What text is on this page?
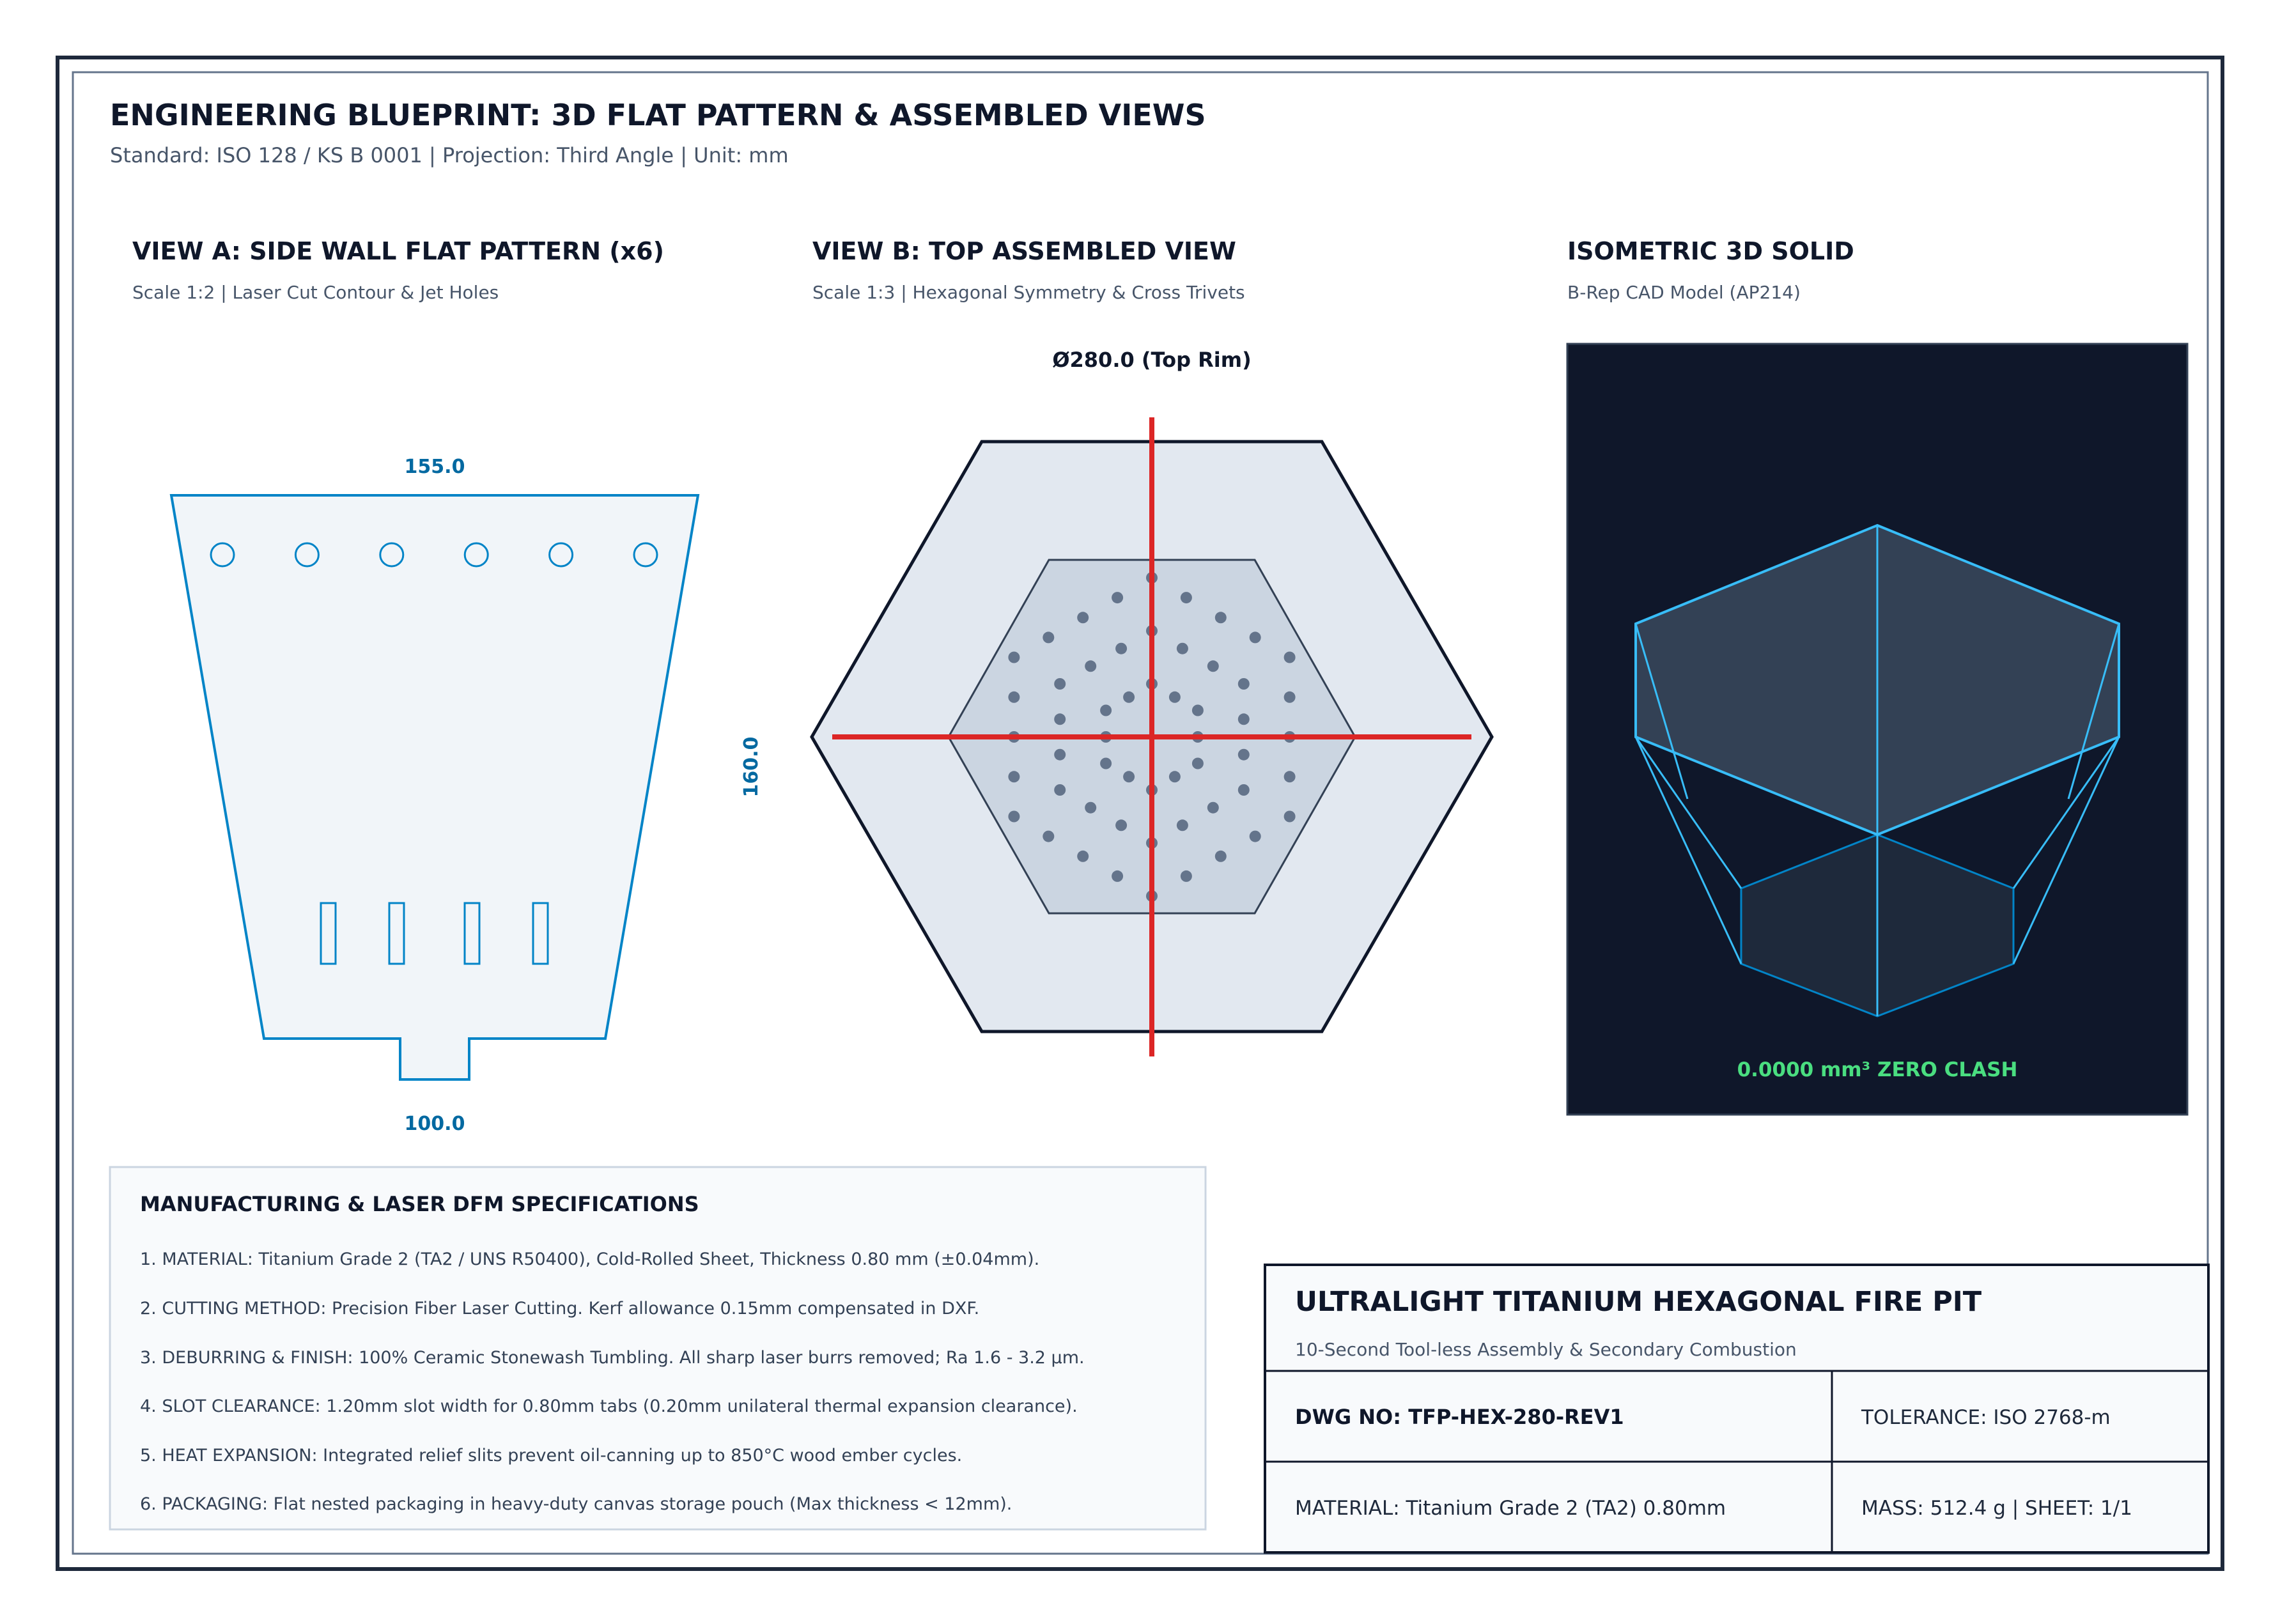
ENGINEERING BLUEPRINT: 3D FLAT PATTERN & ASSEMBLED VIEWS
Standard: ISO 128 / KS B 0001 | Projection: Third Angle | Unit: mm
VIEW A: SIDE WALL FLAT PATTERN (x6)
Scale 1:2 | Laser Cut Contour & Jet Holes
VIEW B: TOP ASSEMBLED VIEW
Scale 1:3 | Hexagonal Symmetry & Cross Trivets
ISOMETRIC 3D SOLID
B-Rep CAD Model (AP214)
155.0
100.0
160.0
Ø280.0 (Top Rim)
0.0000 mm³ ZERO CLASH
MANUFACTURING & LASER DFM SPECIFICATIONS
1. MATERIAL: Titanium Grade 2 (TA2 / UNS R50400), Cold-Rolled Sheet, Thickness 0.80 mm (±0.04mm).
2. CUTTING METHOD: Precision Fiber Laser Cutting. Kerf allowance 0.15mm compensated in DXF.
3. DEBURRING & FINISH: 100% Ceramic Stonewash Tumbling. All sharp laser burrs removed; Ra 1.6 - 3.2 μm.
4. SLOT CLEARANCE: 1.20mm slot width for 0.80mm tabs (0.20mm unilateral thermal expansion clearance).
5. HEAT EXPANSION: Integrated relief slits prevent oil-canning up to 850°C wood ember cycles.
6. PACKAGING: Flat nested packaging in heavy-duty canvas storage pouch (Max thickness < 12mm).
ULTRALIGHT TITANIUM HEXAGONAL FIRE PIT
10-Second Tool-less Assembly & Secondary Combustion
DWG NO: TFP-HEX-280-REV1	TOLERANCE: ISO 2768-m
MATERIAL: Titanium Grade 2 (TA2) 0.80mm	MASS: 512.4 g | SHEET: 1/1
